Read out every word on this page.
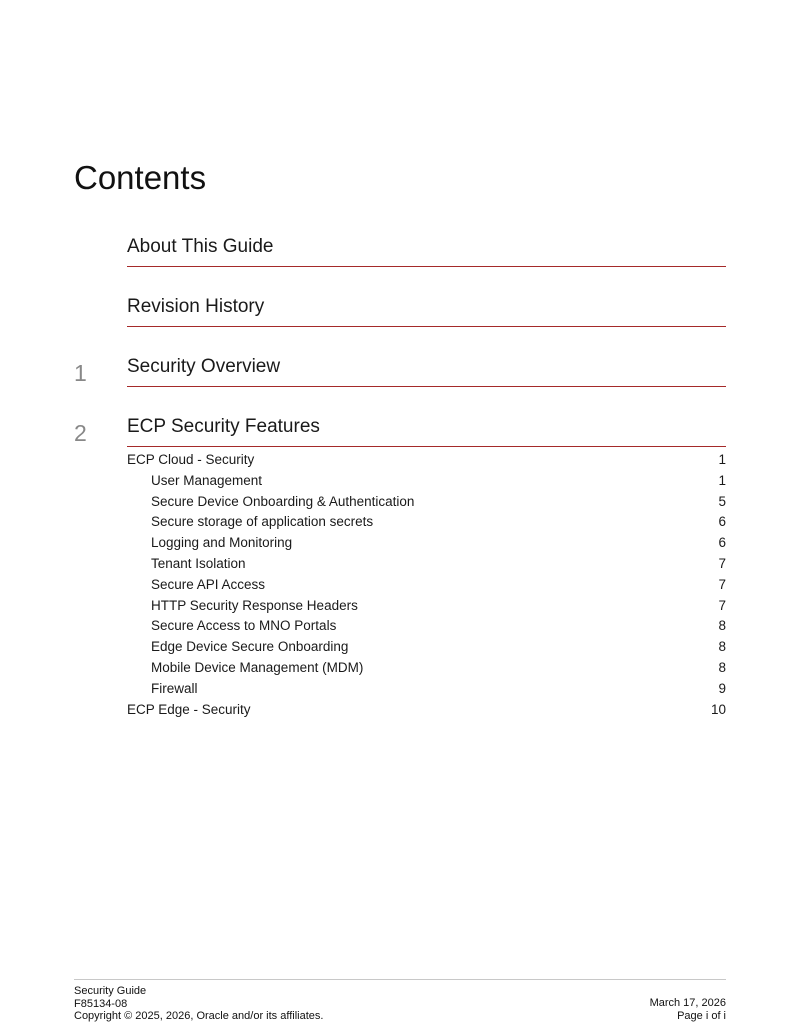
Contents
About This Guide
Revision History
1 Security Overview
2 ECP Security Features
ECP Cloud - Security	1
User Management	1
Secure Device Onboarding & Authentication	5
Secure storage of application secrets	6
Logging and Monitoring	6
Tenant Isolation	7
Secure API Access	7
HTTP Security Response Headers	7
Secure Access to MNO Portals	8
Edge Device Secure Onboarding	8
Mobile Device Management (MDM)	8
Firewall	9
ECP Edge - Security	10
Security Guide
F85134-08
Copyright © 2025, 2026, Oracle and/or its affiliates.
March 17, 2026
Page i of i
